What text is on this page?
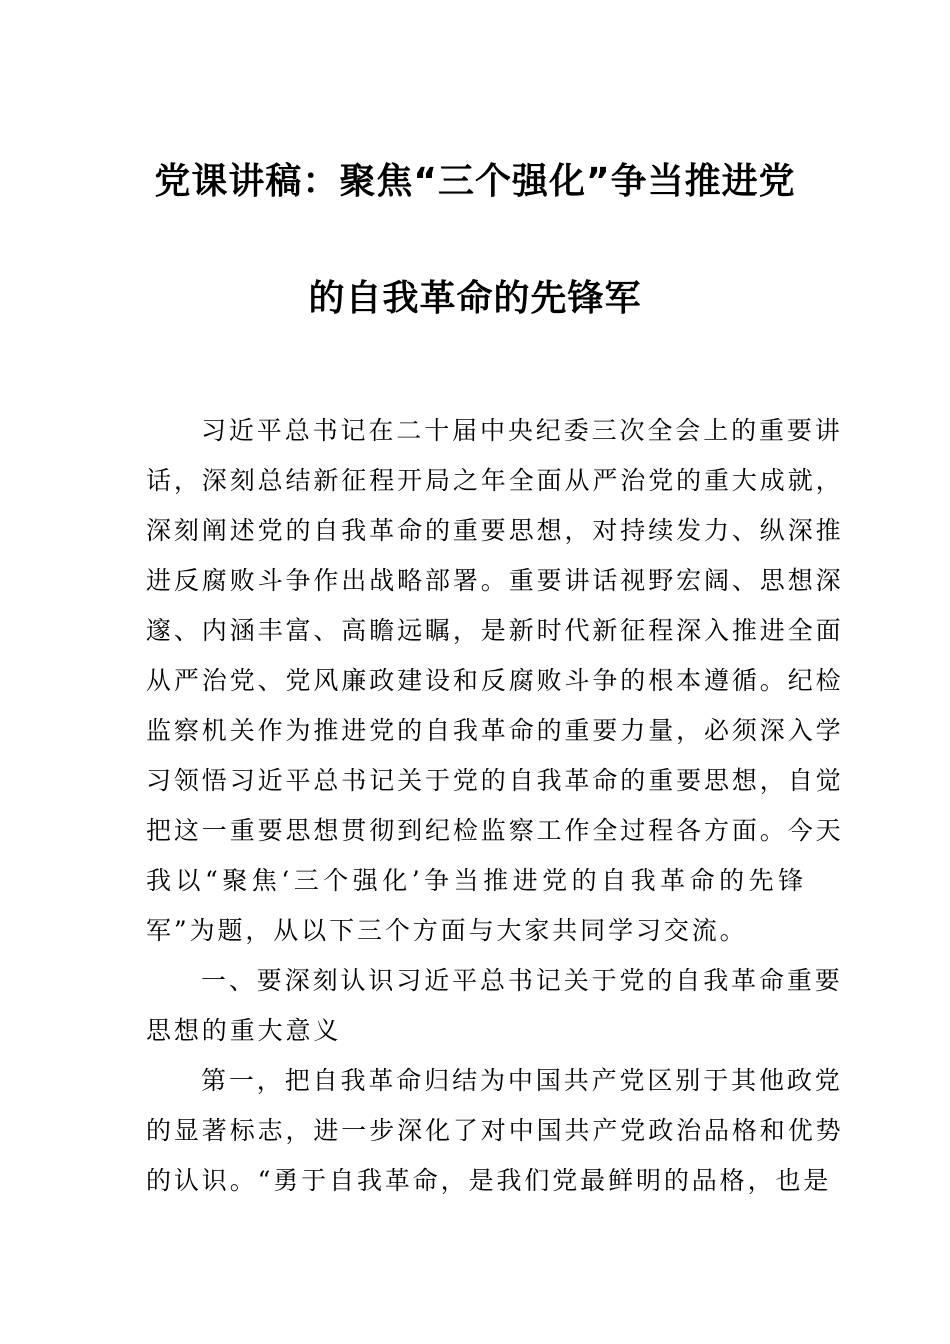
党课讲稿：聚焦“三个强化”争当推进党
的自我革命的先锋军
习近平总书记在二十届中央纪委三次全会上的重要讲
话，深刻总结新征程开局之年全面从严治党的重大成就，
深刻阐述党的自我革命的重要思想，对持续发力、纵深推
进反腐败斗争作出战略部署。重要讲话视野宏阔、思想深
邃、内涵丰富、高瞻远瞩，是新时代新征程深入推进全面
从严治党、党风廉政建设和反腐败斗争的根本遵循。纪检
监察机关作为推进党的自我革命的重要力量，必须深入学
习领悟习近平总书记关于党的自我革命的重要思想，自觉
把这一重要思想贯彻到纪检监察工作全过程各方面。今天
我以“聚焦‘三个强化’争当推进党的自我革命的先锋
军”为题，从以下三个方面与大家共同学习交流。
一、要深刻认识习近平总书记关于党的自我革命重要
思想的重大意义
第一，把自我革命归结为中国共产党区别于其他政党
的显著标志，进一步深化了对中国共产党政治品格和优势
的认识。“勇于自我革命，是我们党最鲜明的品格，也是
